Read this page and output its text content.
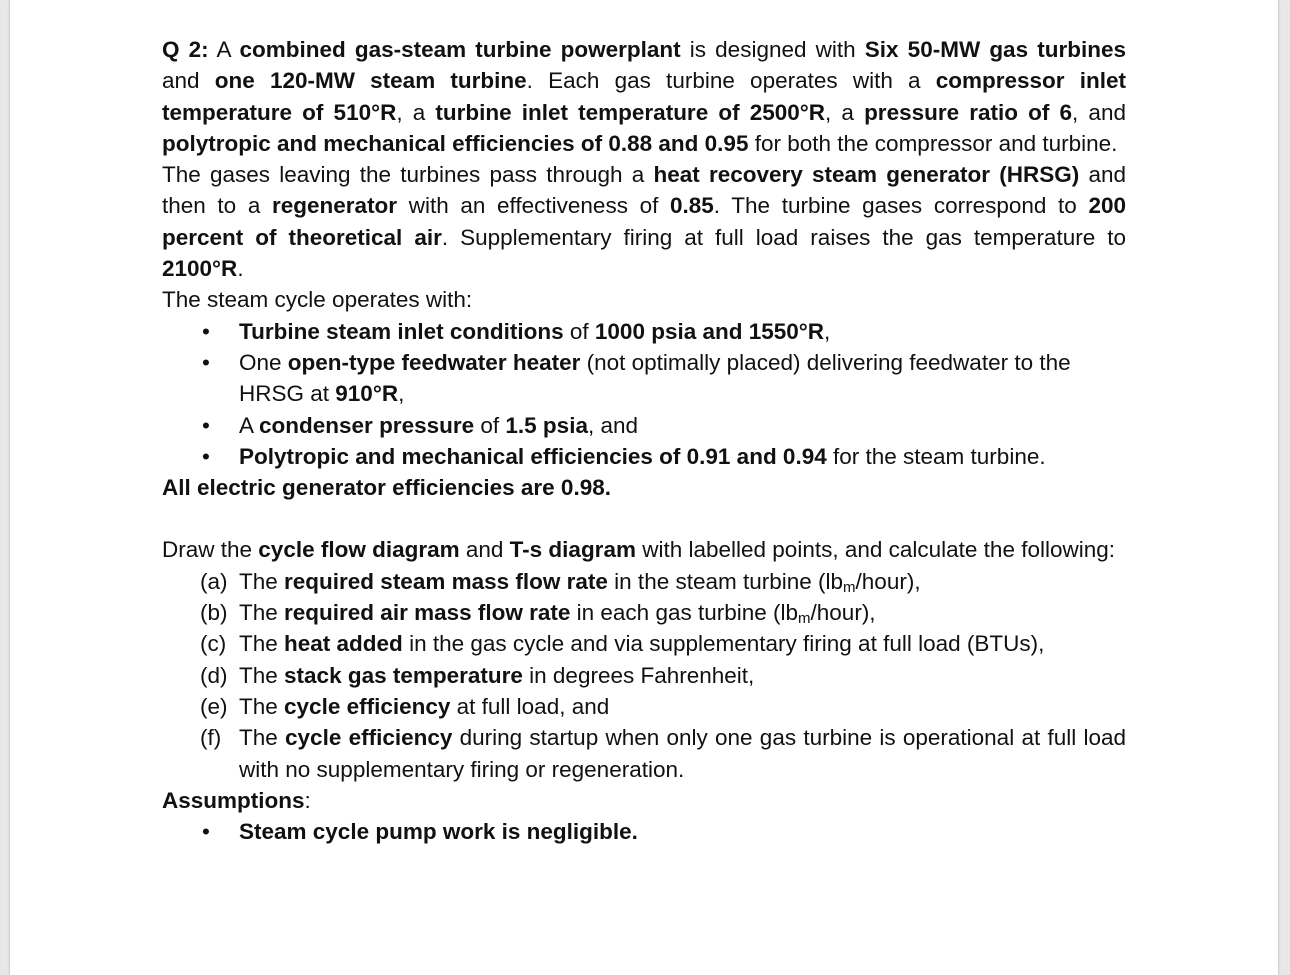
Q 2: A combined gas-steam turbine powerplant is designed with Six 50-MW gas turbines and one 120-MW steam turbine. Each gas turbine operates with a compressor inlet temperature of 510°R, a turbine inlet temperature of 2500°R, a pressure ratio of 6, and polytropic and mechanical efficiencies of 0.88 and 0.95 for both the compressor and turbine.

The gases leaving the turbines pass through a heat recovery steam generator (HRSG) and then to a regenerator with an effectiveness of 0.85. The turbine gases correspond to 200 percent of theoretical air. Supplementary firing at full load raises the gas temperature to 2100°R.

The steam cycle operates with:

• Turbine steam inlet conditions of 1000 psia and 1550°R,
• One open-type feedwater heater (not optimally placed) delivering feedwater to the HRSG at 910°R,
• A condenser pressure of 1.5 psia, and
• Polytropic and mechanical efficiencies of 0.91 and 0.94 for the steam turbine.

All electric generator efficiencies are 0.98.

Draw the cycle flow diagram and T-s diagram with labelled points, and calculate the following:

(a) The required steam mass flow rate in the steam turbine $(lb_m/hour)$,
(b) The required air mass flow rate in each gas turbine $(lb_m/hour)$,
(c) The heat added in the gas cycle and via supplementary firing at full load (BTUs),
(d) The stack gas temperature in degrees Fahrenheit,
(e) The cycle efficiency at full load, and
(f) The cycle efficiency during startup when only one gas turbine is operational at full load with no supplementary firing or regeneration.

Assumptions:

• Steam cycle pump work is negligible.
